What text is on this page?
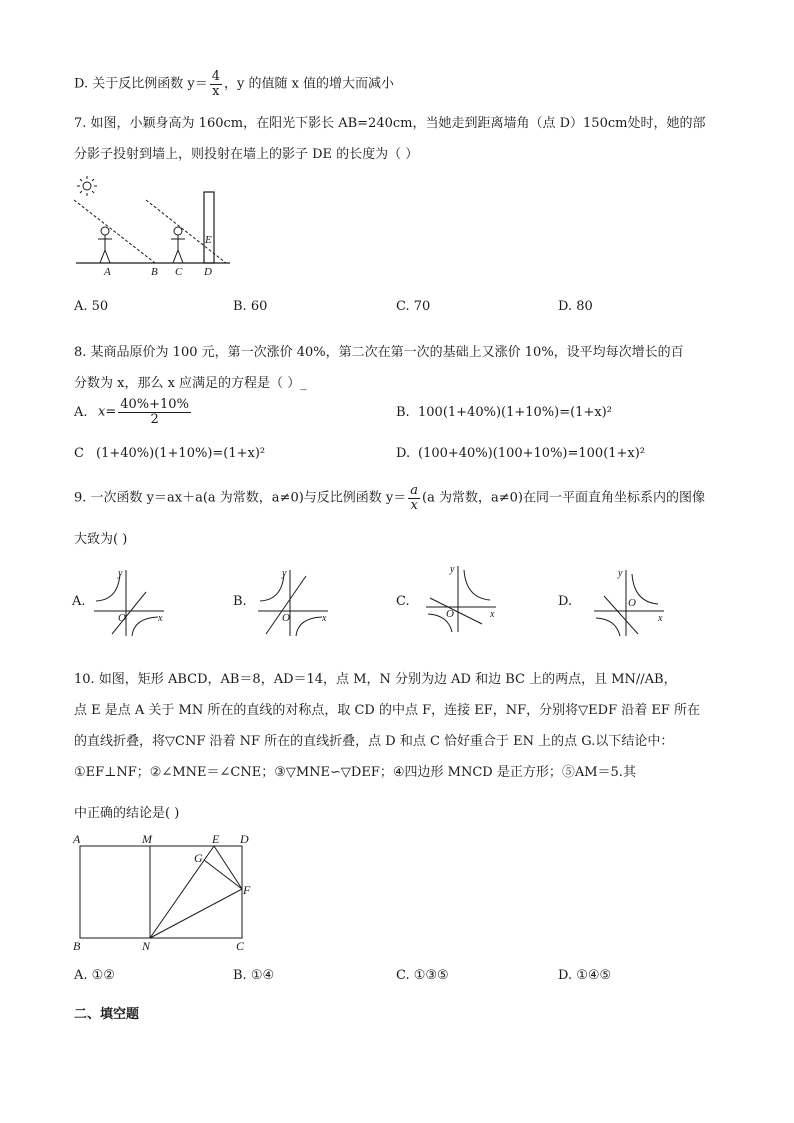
D. 关于反比例函数 $y= \frac{4}{x}$ ，y 的值随 x 值的增大而减小
7. 如图，小颖身高为 160cm，在阳光下影长 AB=240cm，当她走到距离墙角（点 D）150cm处时，她的部
分影子投射到墙上，则投射在墙上的影子 DE 的长度为（ ）
A	B C D
E
A. 50	B. 60	C. 70	D. 80
8. 某商品原价为 100 元，第一次涨价 40%，第二次在第一次的基础上又涨价 10%，设平均每次增长的百
分数为 x，那么 x 应满足的方程是（ ）_
A. $x= \frac{40\%+10\%}{2}$	B. 100(1+40%)(1+10%)=(1+x)²
C (1+40%)(1+10%)=(1+x)²	D. (100+40%)(100+10%)=100(1+x)²
9. 一次函数 y＝ax＋a(a 为常数，a≠0)与反比例函数 $y= \frac{a}{x} (a$ 为常数，a≠0)在同一平面直角坐标系内的图像
大致为( )
A.
O	x
y
B.
O	x
y
C.
O	x
y
D.	O
x
y
10. 如图，矩形 ABCD，AB＝8，AD＝14，点 M，N 分别为边 AD 和边 BC 上的两点，且 MN//AB，
点 E 是点 A 关于 MN 所在的直线的对称点，取 CD 的中点 F，连接 EF，NF，分别将▽EDF 沿着 EF 所在
的直线折叠，将▽CNF 沿着 NF 所在的直线折叠，点 D 和点 C 恰好重合于 EN 上的点 G.以下结论中：
①EF⊥NF；②∠MNE＝∠CNE；③▽MNE∽▽DEF；④四边形 MNCD 是正方形；⑤AM＝5.其
中正确的结论是( )
A	M	E D
G
F
B	N	C
A. ①②	B. ①④	C. ①③⑤	D. ①④⑤
二、填空题
